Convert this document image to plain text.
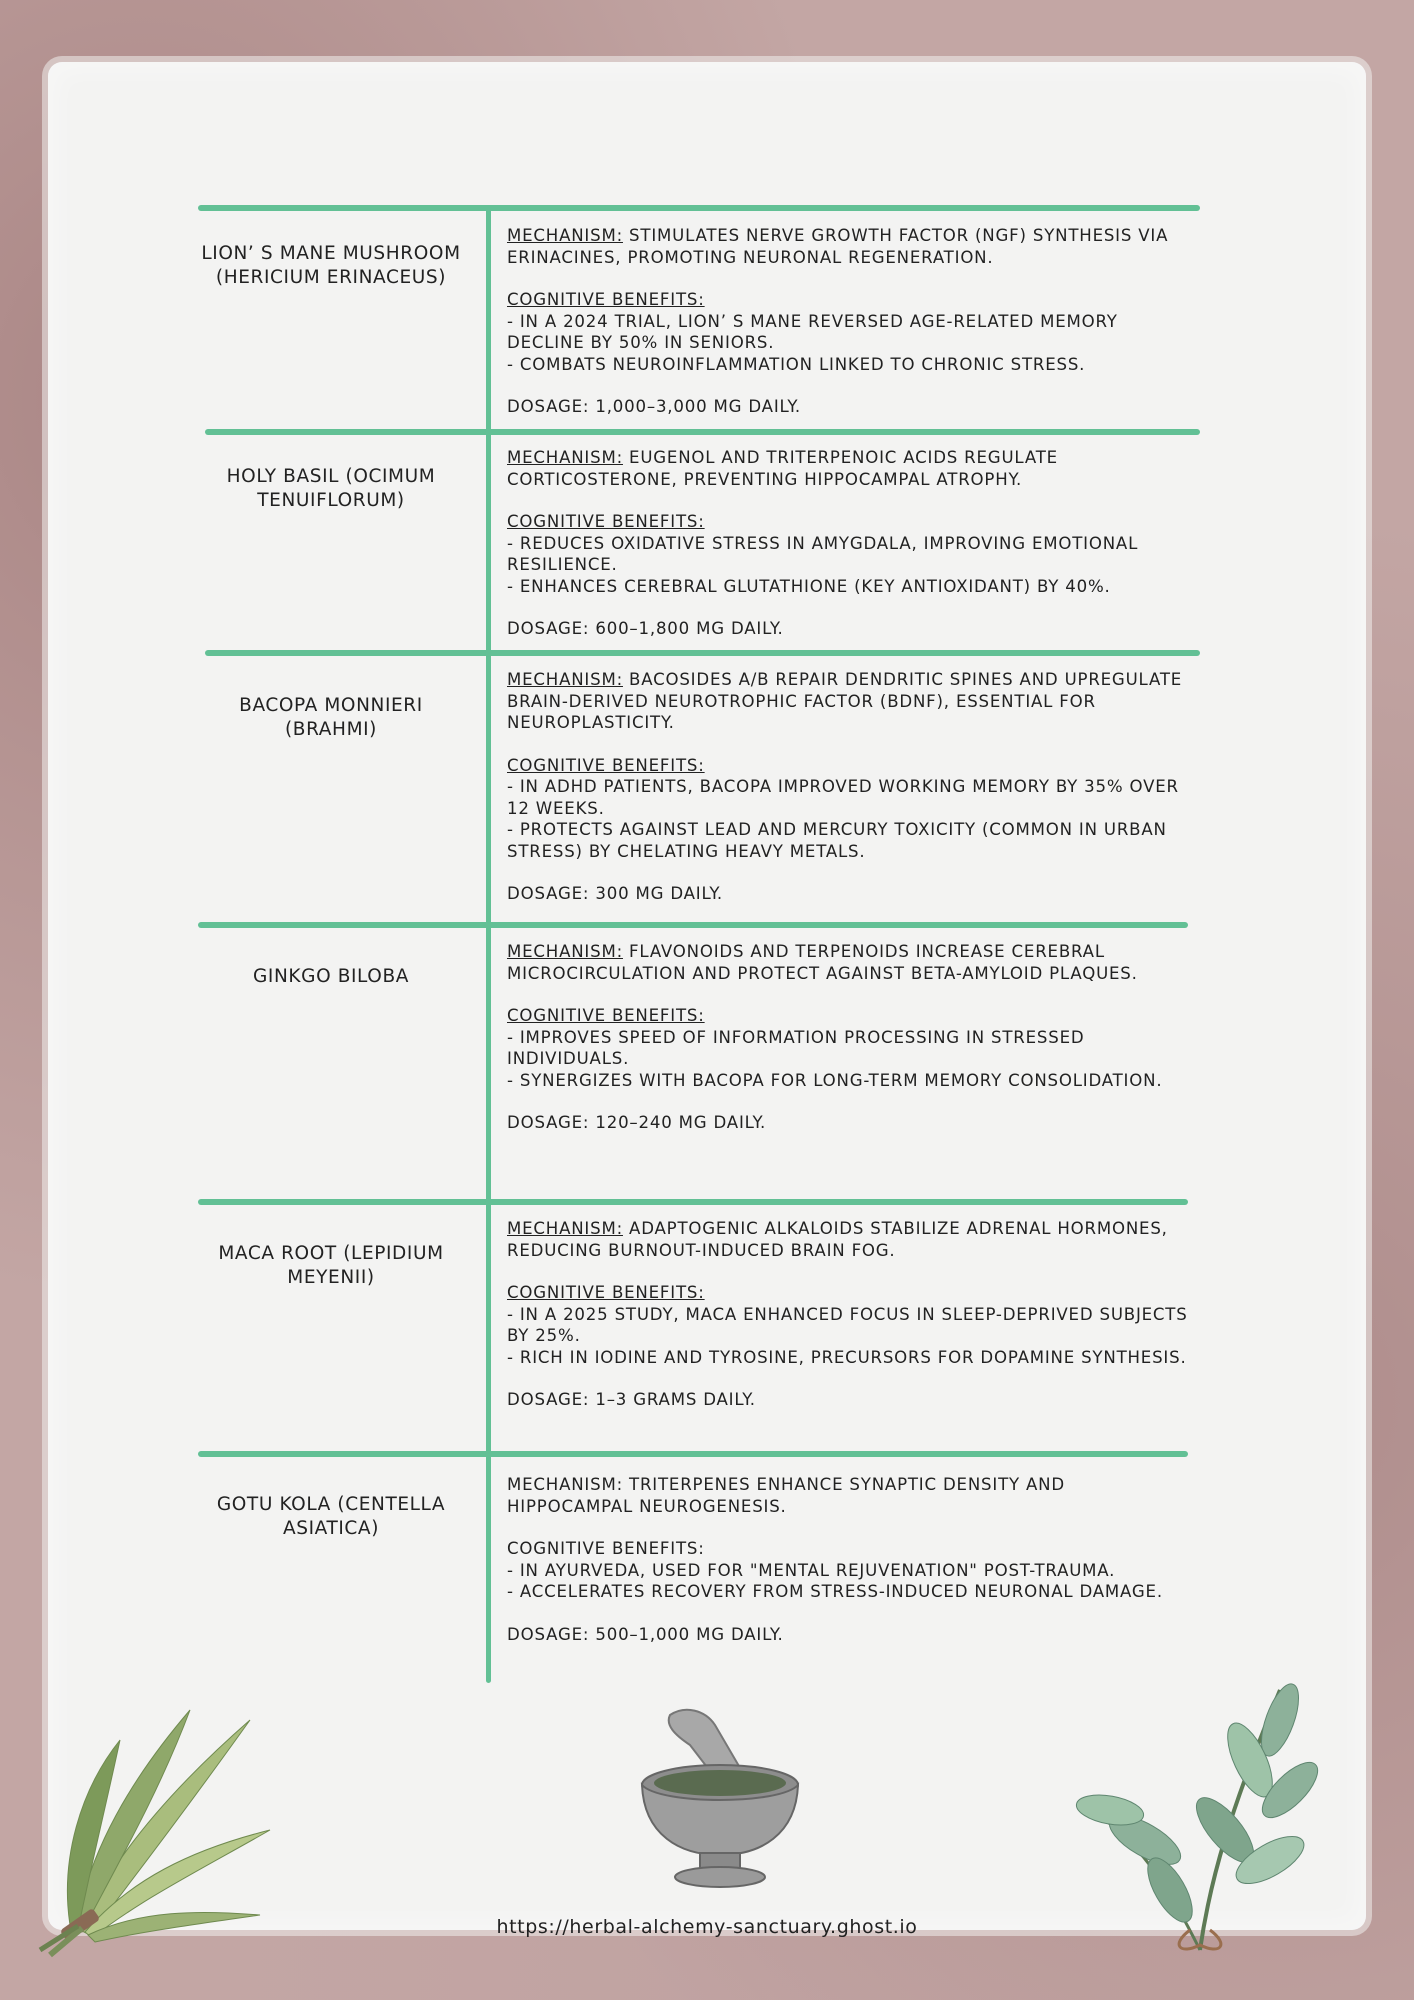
LION’ S MANE MUSHROOM (HERICIUM ERINACEUS)
HOLY BASIL (OCIMUM TENUIFLORUM)
BACOPA MONNIERI (BRAHMI)
GINKGO BILOBA
MACA ROOT (LEPIDIUM MEYENII)
GOTU KOLA (CENTELLA ASIATICA)

MECHANISM: STIMULATES NERVE GROWTH FACTOR (NGF) SYNTHESIS VIA ERINACINES, PROMOTING NEURONAL REGENERATION.

COGNITIVE BENEFITS:

- IN A 2024 TRIAL, LION’ S MANE REVERSED AGE-RELATED MEMORY DECLINE BY 50% IN SENIORS.

- COMBATS NEUROINFLAMMATION LINKED TO CHRONIC STRESS.

DOSAGE: 1,000–3,000 MG DAILY.

MECHANISM: EUGENOL AND TRITERPENOIC ACIDS REGULATE CORTICOSTERONE, PREVENTING HIPPOCAMPAL ATROPHY.

COGNITIVE BENEFITS:

- REDUCES OXIDATIVE STRESS IN AMYGDALA, IMPROVING EMOTIONAL RESILIENCE.

- ENHANCES CEREBRAL GLUTATHIONE (KEY ANTIOXIDANT) BY 40%.

DOSAGE: 600–1,800 MG DAILY.

MECHANISM: BACOSIDES A/B REPAIR DENDRITIC SPINES AND UPREGULATE BRAIN-DERIVED NEUROTROPHIC FACTOR (BDNF), ESSENTIAL FOR NEUROPLASTICITY.

COGNITIVE BENEFITS:

- IN ADHD PATIENTS, BACOPA IMPROVED WORKING MEMORY BY 35% OVER 12 WEEKS.

- PROTECTS AGAINST LEAD AND MERCURY TOXICITY (COMMON IN URBAN STRESS) BY CHELATING HEAVY METALS.

DOSAGE: 300 MG DAILY.

MECHANISM: FLAVONOIDS AND TERPENOIDS INCREASE CEREBRAL MICROCIRCULATION AND PROTECT AGAINST BETA-AMYLOID PLAQUES.

COGNITIVE BENEFITS:

- IMPROVES SPEED OF INFORMATION PROCESSING IN STRESSED INDIVIDUALS.

- SYNERGIZES WITH BACOPA FOR LONG-TERM MEMORY CONSOLIDATION.

DOSAGE: 120–240 MG DAILY.

MECHANISM: ADAPTOGENIC ALKALOIDS STABILIZE ADRENAL HORMONES, REDUCING BURNOUT-INDUCED BRAIN FOG.

COGNITIVE BENEFITS:

- IN A 2025 STUDY, MACA ENHANCED FOCUS IN SLEEP-DEPRIVED SUBJECTS BY 25%.

- RICH IN IODINE AND TYROSINE, PRECURSORS FOR DOPAMINE SYNTHESIS.

DOSAGE: 1–3 GRAMS DAILY.

MECHANISM: TRITERPENES ENHANCE SYNAPTIC DENSITY AND HIPPOCAMPAL NEUROGENESIS.

COGNITIVE BENEFITS:

- IN AYURVEDA, USED FOR "MENTAL REJUVENATION" POST-TRAUMA.

- ACCELERATES RECOVERY FROM STRESS-INDUCED NEURONAL DAMAGE.

DOSAGE: 500–1,000 MG DAILY.

https://herbal-alchemy-sanctuary.ghost.io
